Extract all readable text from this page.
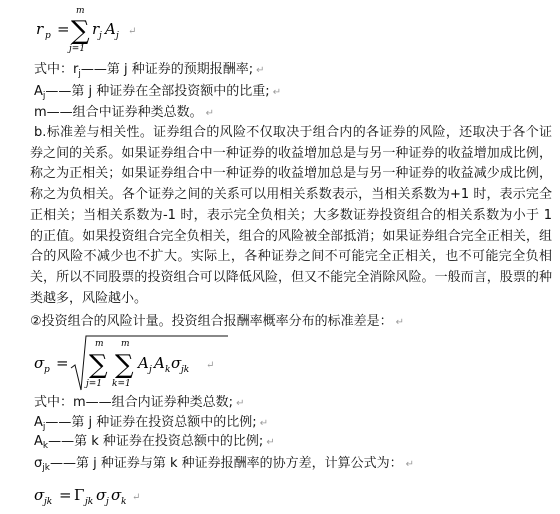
r p =
m
∑
j=1
r j A j ↵
式中：$r_j——$第 j 种证券的预期报酬率; ↵
$A_j——$第 j 种证券在全部投资额中的比重; ↵
m——组合中证券种类总数。 ↵
b.标准差与相关性。证券组合的风险不仅取决于组合内的各证券的风险，还取决于各个证券之间的关系。如果证券组合中一种证券的收益增加总是与另一种证券的收益增加成比例，称之为正相关；如果证券组合中一种证券的收益增加总是与另一种证券的收益减少成比例，称之为负相关。各个证券之间的关系可以用相关系数表示，当相关系数为+1 时，表示完全正相关；当相关系数为-1 时，表示完全负相关；大多数证券投资组合的相关系数为小于 1 的正值。如果投资组合完全负相关，组合的风险被全部抵消；如果证券组合完全正相关，组合的风险不减少也不扩大。实际上，各种证券之间不可能完全正相关，也不可能完全负相关，所以不同股票的投资组合可以降低风险，但又不能完全消除风险。一般而言，股票的种类越多，风险越小。
②投资组合的风险计量。投资组合报酬率概率分布的标准差是： ↵
σ p =
m
∑
j=1
m
∑
k=1
A j A k σ jk ↵
式中：m——组合内证券种类总数; ↵
$A_j——$第 j 种证券在投资总额中的比例; ↵
$A_k——$第 k 种证券在投资总额中的比例; ↵
$\sigma_{jk}——$第 j 种证券与第 k 种证券报酬率的协方差，计算公式为： ↵
σ jk = Γ jk σ j σ k ↵
